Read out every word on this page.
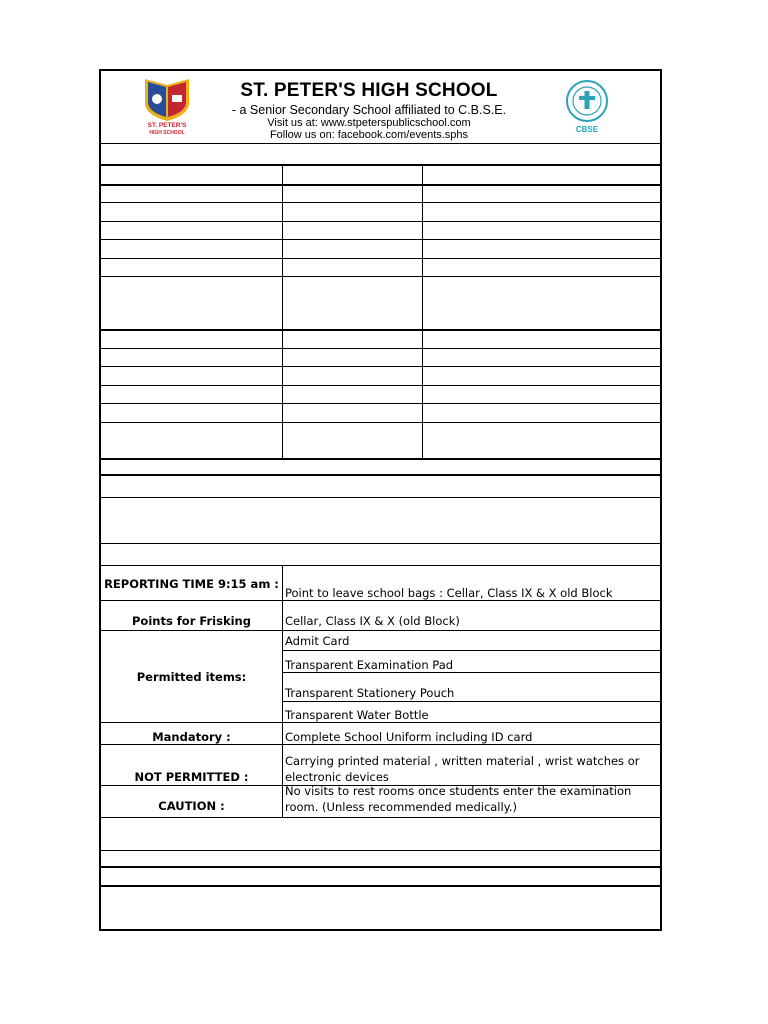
ST. PETER'S
HIGH SCHOOL
ST. PETER'S HIGH SCHOOL
- a Senior Secondary School affiliated to C.B.S.E.
Visit us at: www.stpeterspublicschool.com
Follow us on: facebook.com/events.sphs	CBSE
REPORTING TIME 9:15 am :
Point to leave school bags : Cellar, Class IX & X old Block
Points for Frisking	Cellar, Class IX & X (old Block)
Permitted items:
Admit Card
Transparent Examination Pad
Transparent Stationery Pouch
Transparent Water Bottle
Mandatory :	Complete School Uniform including ID card
NOT PERMITTED :
Carrying printed material , written material , wrist watches or electronic devices
CAUTION :
No visits to rest rooms once students enter the examination room. (Unless recommended medically.)
